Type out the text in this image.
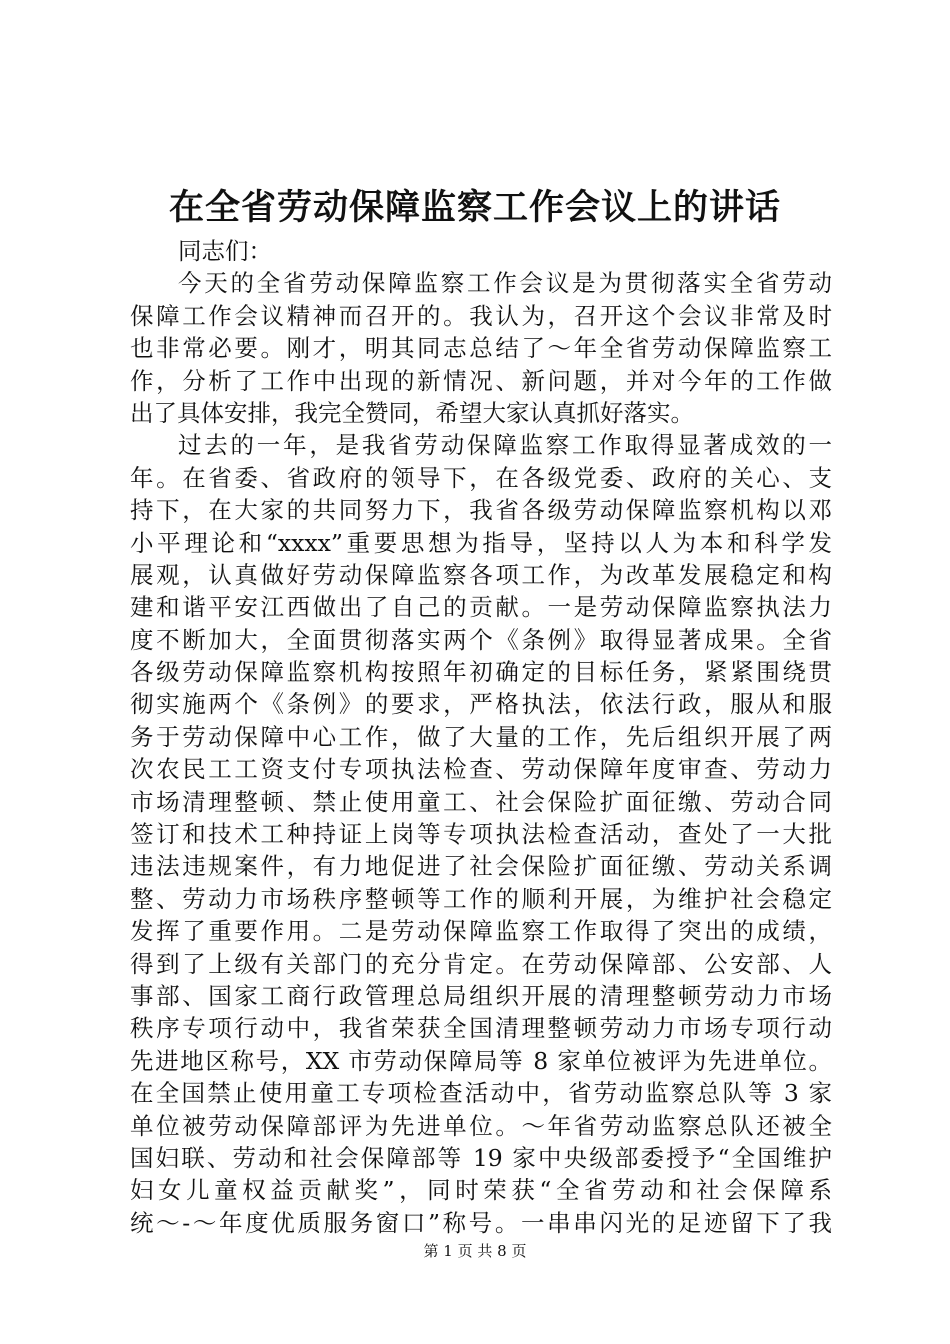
在全省劳动保障监察工作会议上的讲话
同志们：
今天的全省劳动保障监察工作会议是为贯彻落实全省劳动
保障工作会议精神而召开的。我认为，召开这个会议非常及时
也非常必要。刚才，明其同志总结了～年全省劳动保障监察工
作，分析了工作中出现的新情况、新问题，并对今年的工作做
出了具体安排，我完全赞同，希望大家认真抓好落实。
过去的一年，是我省劳动保障监察工作取得显著成效的一
年。在省委、省政府的领导下，在各级党委、政府的关心、支
持下，在大家的共同努力下，我省各级劳动保障监察机构以邓
小平理论和“xxxx”重要思想为指导，坚持以人为本和科学发
展观，认真做好劳动保障监察各项工作，为改革发展稳定和构
建和谐平安江西做出了自己的贡献。一是劳动保障监察执法力
度不断加大，全面贯彻落实两个《条例》取得显著成果。全省
各级劳动保障监察机构按照年初确定的目标任务，紧紧围绕贯
彻实施两个《条例》的要求，严格执法，依法行政，服从和服
务于劳动保障中心工作，做了大量的工作，先后组织开展了两
次农民工工资支付专项执法检查、劳动保障年度审查、劳动力
市场清理整顿、禁止使用童工、社会保险扩面征缴、劳动合同
签订和技术工种持证上岗等专项执法检查活动，查处了一大批
违法违规案件，有力地促进了社会保险扩面征缴、劳动关系调
整、劳动力市场秩序整顿等工作的顺利开展，为维护社会稳定
发挥了重要作用。二是劳动保障监察工作取得了突出的成绩，
得到了上级有关部门的充分肯定。在劳动保障部、公安部、人
事部、国家工商行政管理总局组织开展的清理整顿劳动力市场
秩序专项行动中，我省荣获全国清理整顿劳动力市场专项行动
先进地区称号，XX 市劳动保障局等 8 家单位被评为先进单位。
在全国禁止使用童工专项检查活动中，省劳动监察总队等 3 家
单位被劳动保障部评为先进单位。～年省劳动监察总队还被全
国妇联、劳动和社会保障部等 19 家中央级部委授予“全国维护
妇女儿童权益贡献奖”，同时荣获“全省劳动和社会保障系
统～-～年度优质服务窗口”称号。一串串闪光的足迹留下了我
第 1 页 共 8 页
